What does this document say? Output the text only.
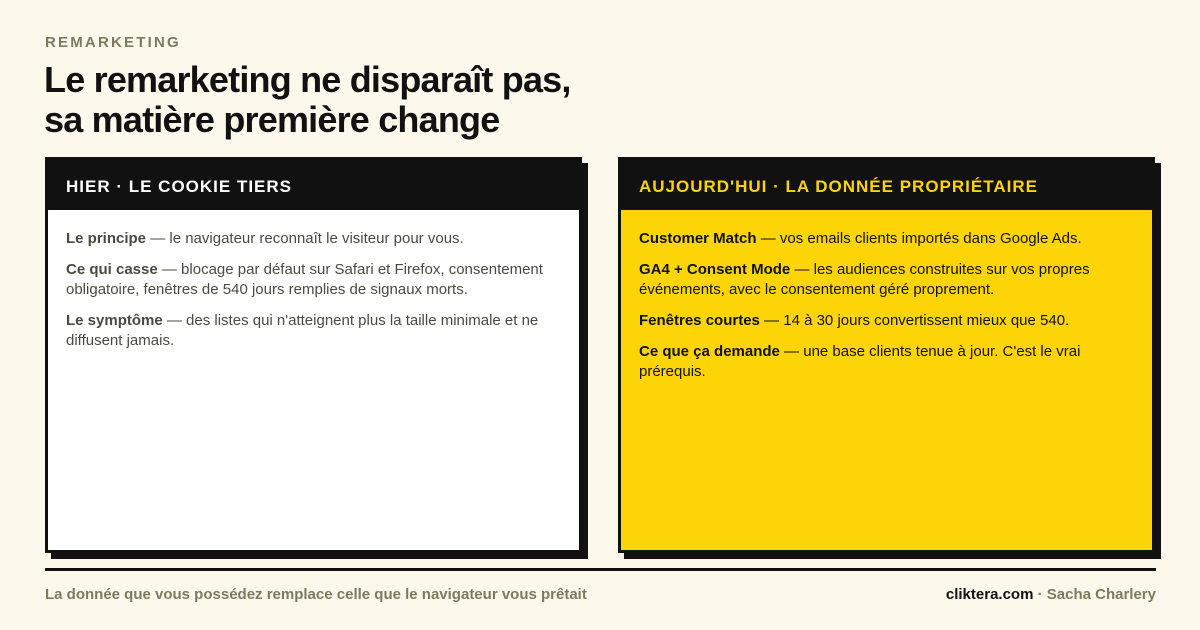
REMARKETING
Le remarketing ne disparaît pas,
sa matière première change
HIER · LE COOKIE TIERS

Le principe — le navigateur reconnaît le visiteur pour vous.

Ce qui casse — blocage par défaut sur Safari et Firefox, consentement obligatoire, fenêtres de 540 jours remplies de signaux morts.

Le symptôme — des listes qui n'atteignent plus la taille minimale et ne diffusent jamais.

AUJOURD'HUI · LA DONNÉE PROPRIÉTAIRE

Customer Match — vos emails clients importés dans Google Ads.

GA4 + Consent Mode — les audiences construites sur vos propres événements, avec le consentement géré proprement.

Fenêtres courtes — 14 à 30 jours convertissent mieux que 540.

Ce que ça demande — une base clients tenue à jour. C'est le vrai prérequis.

La donnée que vous possédez remplace celle que le navigateur vous prêtait	cliktera.com · Sacha Charlery
